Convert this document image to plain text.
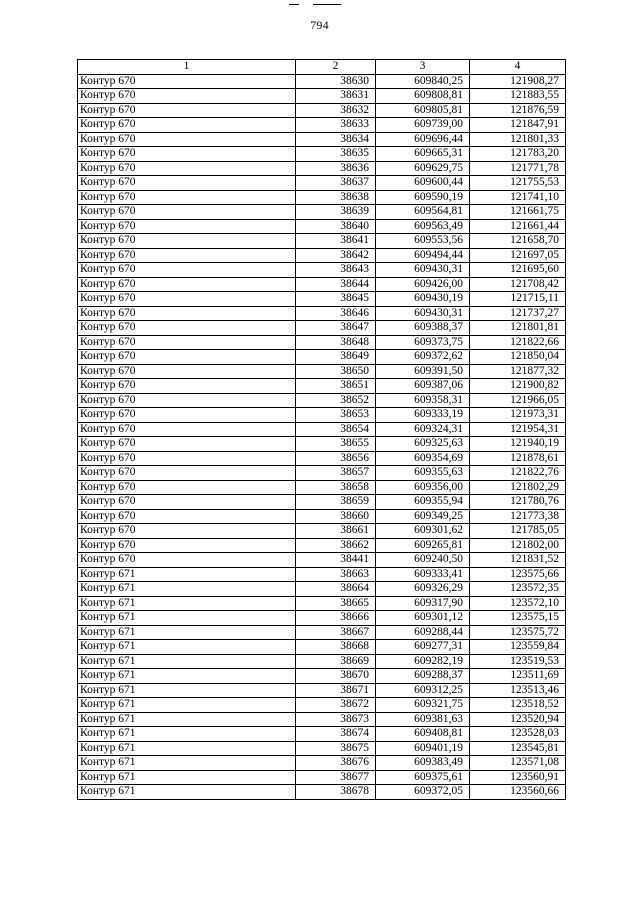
794
1	2	3	4
Контур 670	38630	609840,25	121908,27
Контур 670	38631	609808,81	121883,55
Контур 670	38632	609805,81	121876,59
Контур 670	38633	609739,00	121847,91
Контур 670	38634	609696,44	121801,33
Контур 670	38635	609665,31	121783,20
Контур 670	38636	609629,75	121771,78
Контур 670	38637	609600,44	121755,53
Контур 670	38638	609590,19	121741,10
Контур 670	38639	609564,81	121661,75
Контур 670	38640	609563,49	121661,44
Контур 670	38641	609553,56	121658,70
Контур 670	38642	609494,44	121697,05
Контур 670	38643	609430,31	121695,60
Контур 670	38644	609426,00	121708,42
Контур 670	38645	609430,19	121715,11
Контур 670	38646	609430,31	121737,27
Контур 670	38647	609388,37	121801,81
Контур 670	38648	609373,75	121822,66
Контур 670	38649	609372,62	121850,04
Контур 670	38650	609391,50	121877,32
Контур 670	38651	609387,06	121900,82
Контур 670	38652	609358,31	121966,05
Контур 670	38653	609333,19	121973,31
Контур 670	38654	609324,31	121954,31
Контур 670	38655	609325,63	121940,19
Контур 670	38656	609354,69	121878,61
Контур 670	38657	609355,63	121822,76
Контур 670	38658	609356,00	121802,29
Контур 670	38659	609355,94	121780,76
Контур 670	38660	609349,25	121773,38
Контур 670	38661	609301,62	121785,05
Контур 670	38662	609265,81	121802,00
Контур 670	38441	609240,50	121831,52
Контур 671	38663	609333,41	123575,66
Контур 671	38664	609326,29	123572,35
Контур 671	38665	609317,90	123572,10
Контур 671	38666	609301,12	123575,15
Контур 671	38667	609288,44	123575,72
Контур 671	38668	609277,31	123559,84
Контур 671	38669	609282,19	123519,53
Контур 671	38670	609288,37	123511,69
Контур 671	38671	609312,25	123513,46
Контур 671	38672	609321,75	123518,52
Контур 671	38673	609381,63	123520,94
Контур 671	38674	609408,81	123528,03
Контур 671	38675	609401,19	123545,81
Контур 671	38676	609383,49	123571,08
Контур 671	38677	609375,61	123560,91
Контур 671	38678	609372,05	123560,66
